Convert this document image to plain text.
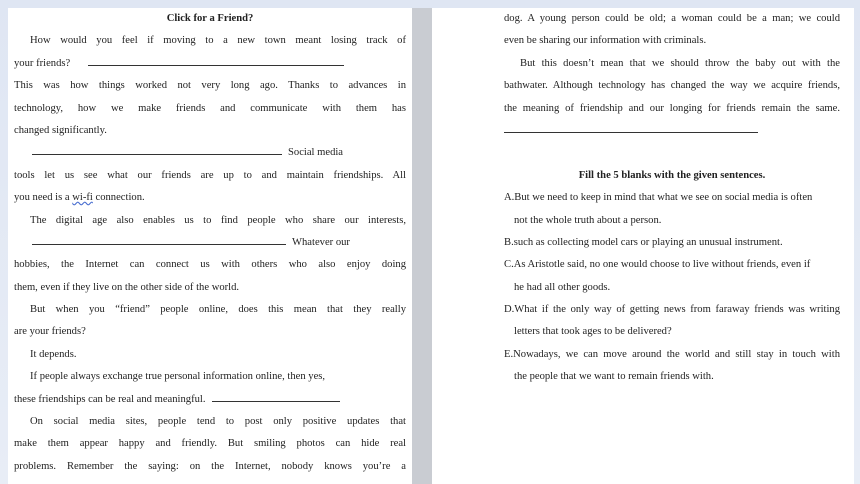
Click for a Friend?
How would you feel if moving to a new town meant losing track of
your friends?
This was how things worked not very long ago. Thanks to advances in
technology, how we make friends and communicate with them has
changed significantly.
Social media
tools let us see what our friends are up to and maintain friendships. All
you need is a wi-fi connection.
The digital age also enables us to find people who share our interests,
Whatever our
hobbies, the Internet can connect us with others who also enjoy doing
them, even if they live on the other side of the world.
But when you “friend” people online, does this mean that they really
are your friends?
It depends.
If people always exchange true personal information online, then yes,
these friendships can be real and meaningful.
On social media sites, people tend to post only positive updates that
make them appear happy and friendly. But smiling photos can hide real
problems. Remember the saying: on the Internet, nobody knows you’re a
dog. A young person could be old; a woman could be a man; we could
even be sharing our information with criminals.
But this doesn’t mean that we should throw the baby out with the
bathwater. Although technology has changed the way we acquire friends,
the meaning of friendship and our longing for friends remain the same.
Fill the 5 blanks with the given sentences.
A.But we need to keep in mind that what we see on social media is often
not the whole truth about a person.
B.such as collecting model cars or playing an unusual instrument.
C.As Aristotle said, no one would choose to live without friends, even if
he had all other goods.
D.What if the only way of getting news from faraway friends was writing
letters that took ages to be delivered?
E.Nowadays, we can move around the world and still stay in touch with
the people that we want to remain friends with.
